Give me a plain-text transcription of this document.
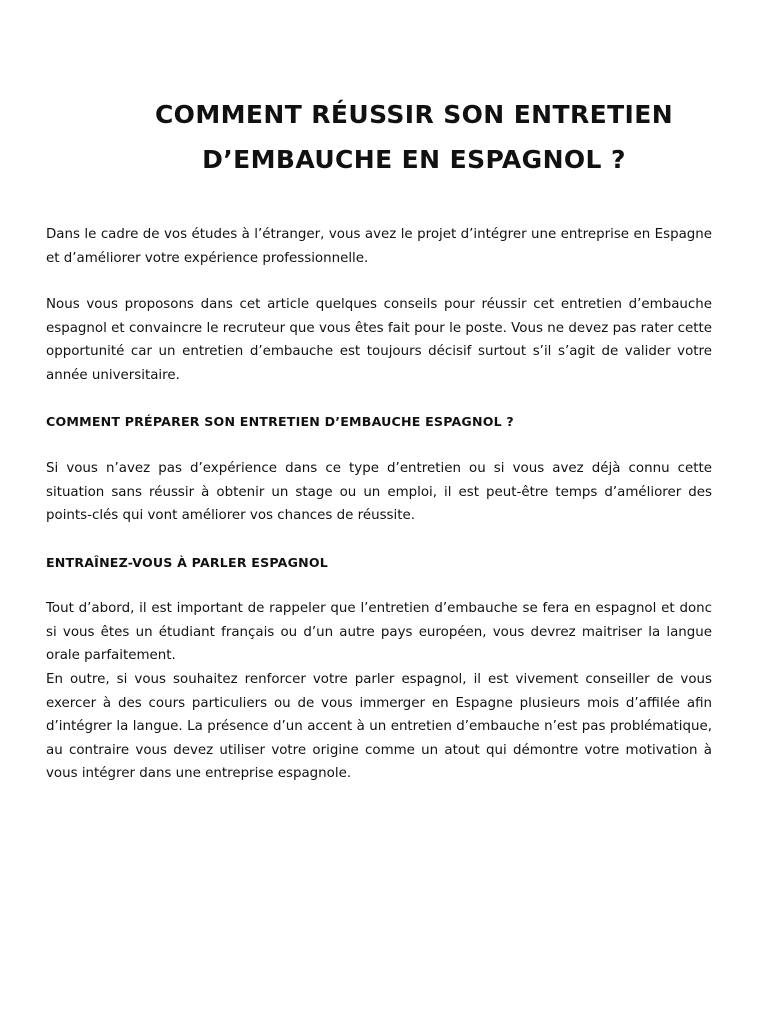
COMMENT RÉUSSIR SON ENTRETIEN
D’EMBAUCHE EN ESPAGNOL ?

Dans le cadre de vos études à l’étranger, vous avez le projet d’intégrer une entreprise en Espagne et d’améliorer votre expérience professionnelle.

Nous vous proposons dans cet article quelques conseils pour réussir cet entretien d’embauche espagnol et convaincre le recruteur que vous êtes fait pour le poste. Vous ne devez pas rater cette opportunité car un entretien d’embauche est toujours décisif surtout s’il s’agit de valider votre année universitaire.

COMMENT PRÉPARER SON ENTRETIEN D’EMBAUCHE ESPAGNOL ?

Si vous n’avez pas d’expérience dans ce type d’entretien ou si vous avez déjà connu cette situation sans réussir à obtenir un stage ou un emploi, il est peut-être temps d’améliorer des points-clés qui vont améliorer vos chances de réussite.

ENTRAÎNEZ-VOUS À PARLER ESPAGNOL

Tout d’abord, il est important de rappeler que l’entretien d’embauche se fera en espagnol et donc si vous êtes un étudiant français ou d’un autre pays européen, vous devrez maitriser la langue orale parfaitement.

En outre, si vous souhaitez renforcer votre parler espagnol, il est vivement conseiller de vous exercer à des cours particuliers ou de vous immerger en Espagne plusieurs mois d’affilée afin d’intégrer la langue. La présence d’un accent à un entretien d’embauche n’est pas problématique, au contraire vous devez utiliser votre origine comme un atout qui démontre votre motivation à vous intégrer dans une entreprise espagnole.
